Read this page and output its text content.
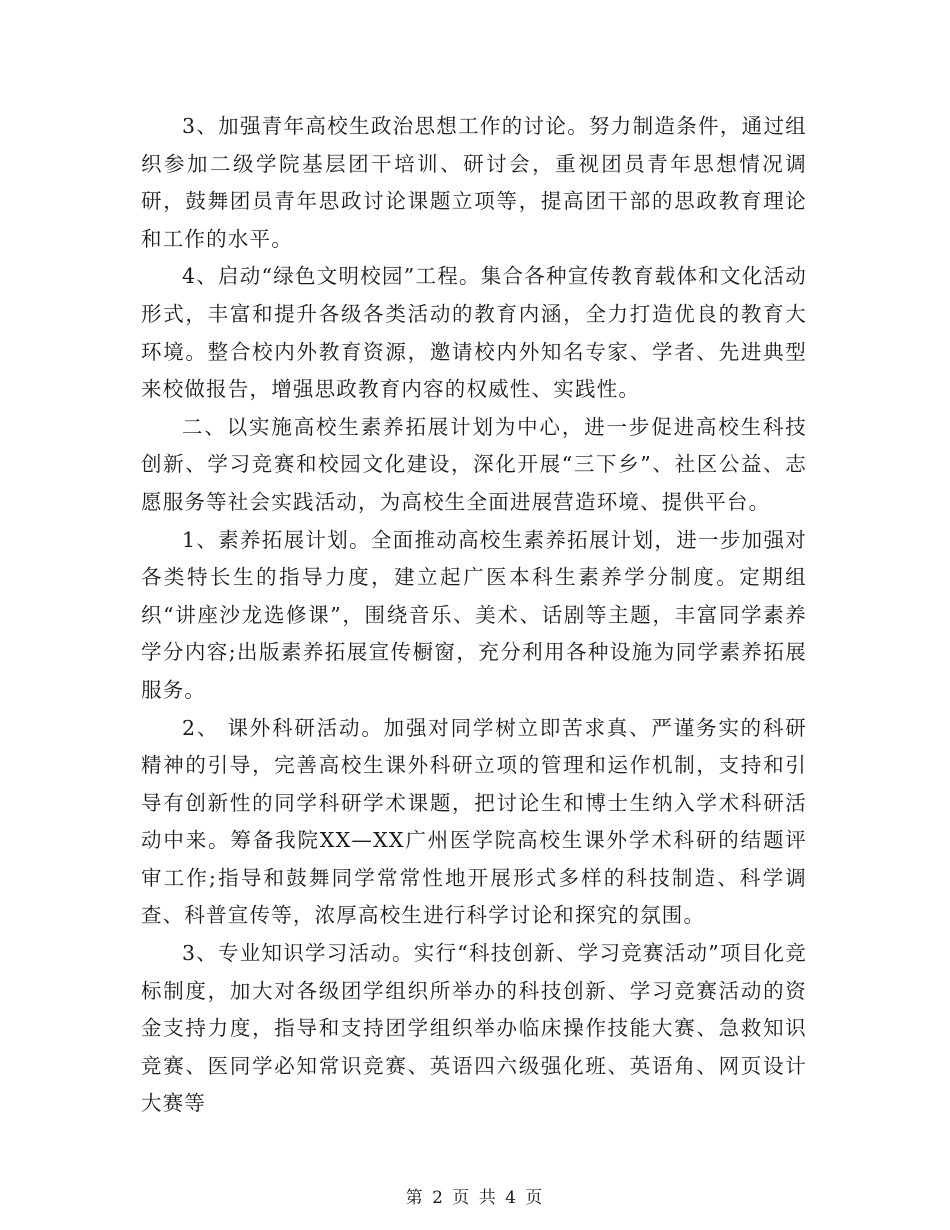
3、加强青年高校生政治思想工作的讨论。努力制造条件，通过组织参加二级学院基层团干培训、研讨会，重视团员青年思想情况调研，鼓舞团员青年思政讨论课题立项等，提高团干部的思政教育理论和工作的水平。

4、启动“绿色文明校园”工程。集合各种宣传教育载体和文化活动形式，丰富和提升各级各类活动的教育内涵，全力打造优良的教育大环境。整合校内外教育资源，邀请校内外知名专家、学者、先进典型来校做报告，增强思政教育内容的权威性、实践性。

二、以实施高校生素养拓展计划为中心，进一步促进高校生科技创新、学习竞赛和校园文化建设，深化开展“三下乡”、社区公益、志愿服务等社会实践活动，为高校生全面进展营造环境、提供平台。

1、素养拓展计划。全面推动高校生素养拓展计划，进一步加强对各类特长生的指导力度，建立起广医本科生素养学分制度。定期组织“讲座沙龙选修课”，围绕音乐、美术、话剧等主题，丰富同学素养学分内容;出版素养拓展宣传橱窗，充分利用各种设施为同学素养拓展服务。

2、 课外科研活动。加强对同学树立即苦求真、严谨务实的科研精神的引导，完善高校生课外科研立项的管理和运作机制，支持和引导有创新性的同学科研学术课题，把讨论生和博士生纳入学术科研活动中来。筹备我院XX—XX广州医学院高校生课外学术科研的结题评审工作;指导和鼓舞同学常常性地开展形式多样的科技制造、科学调查、科普宣传等，浓厚高校生进行科学讨论和探究的氛围。

3、专业知识学习活动。实行“科技创新、学习竞赛活动”项目化竞标制度，加大对各级团学组织所举办的科技创新、学习竞赛活动的资金支持力度，指导和支持团学组织举办临床操作技能大赛、急救知识竞赛、医同学必知常识竞赛、英语四六级强化班、英语角、网页设计大赛等

第 2 页 共 4 页
